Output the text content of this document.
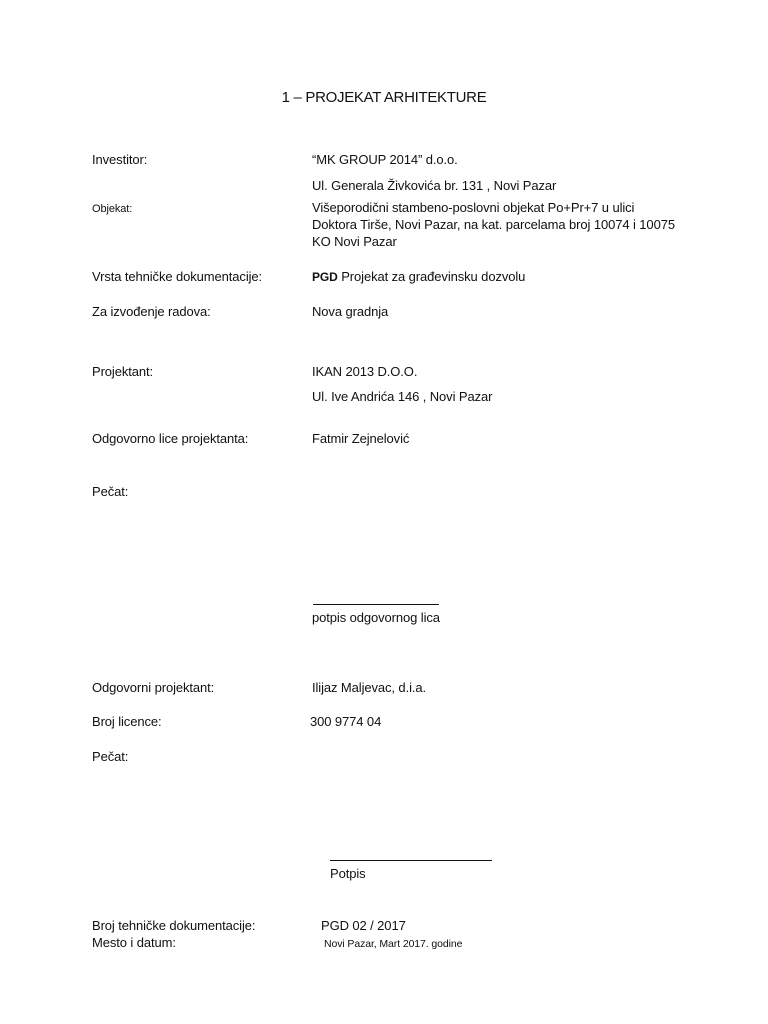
1 – PROJEKAT ARHITEKTURE
Investitor:	“MK GROUP 2014” d.o.o.
Ul. Generala Živkovića br. 131 , Novi Pazar
Objekat:	Višeporodični stambeno-poslovni objekat Po+Pr+7 u ulici
Doktora Tirše, Novi Pazar, na kat. parcelama broj 10074 i 10075
KO Novi Pazar
Vrsta tehničke dokumentacije:	PGD Projekat za građevinsku dozvolu
Za izvođenje radova:	Nova gradnja
Projektant:	IKAN 2013 D.O.O.
Ul. Ive Andrića 146 , Novi Pazar
Odgovorno lice projektanta:	Fatmir Zejnelović
Pečat:
potpis odgovornog lica
Odgovorni projektant:	Ilijaz Maljevac, d.i.a.
Broj licence:	300 9774 04
Pečat:
Potpis
Broj tehničke dokumentacije:	PGD 02 / 2017
Mesto i datum:	Novi Pazar, Mart 2017. godine
